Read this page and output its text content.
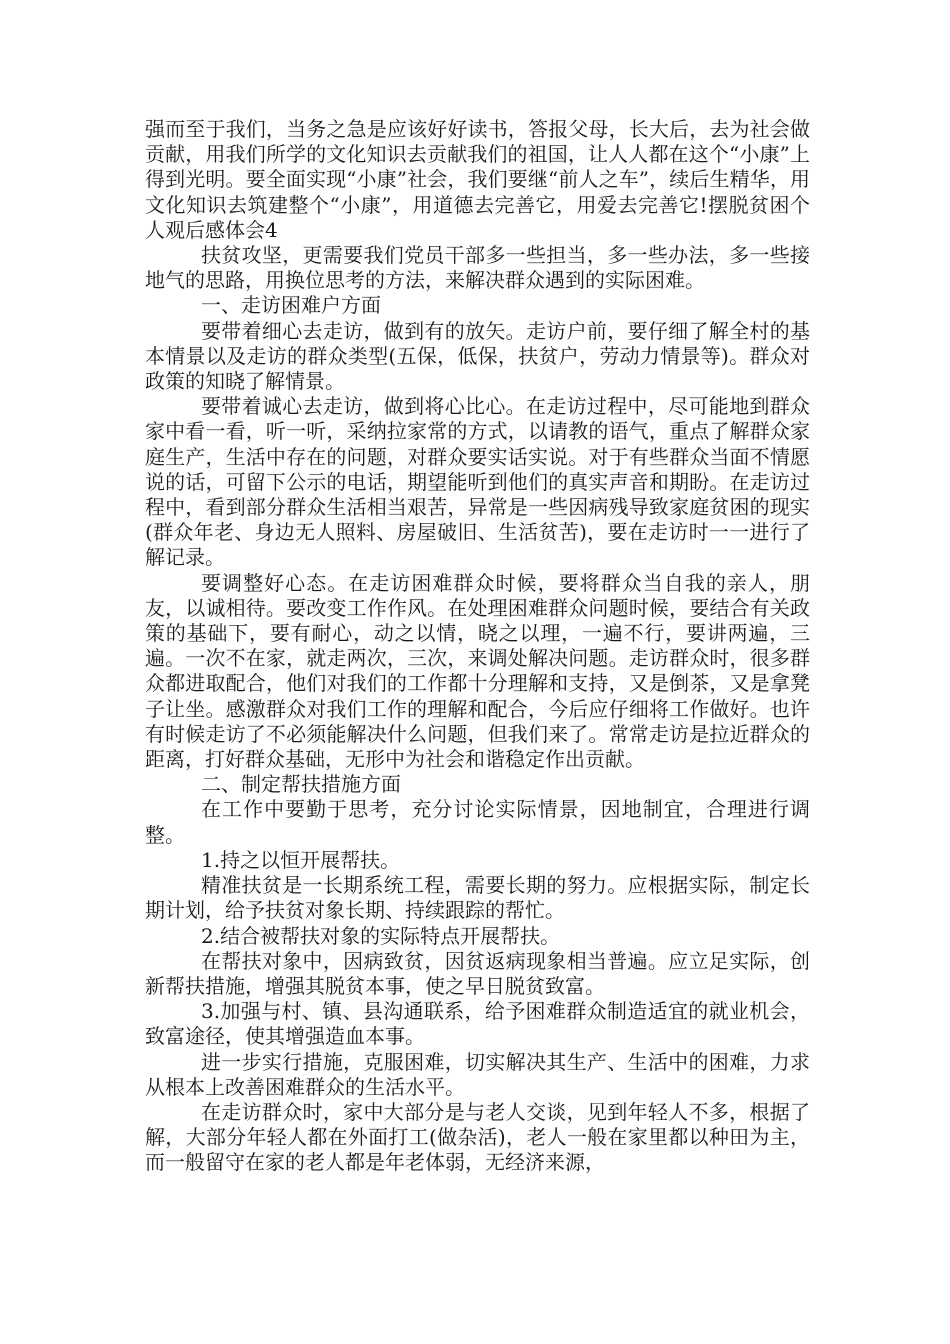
强而至于我们，当务之急是应该好好读书，答报父母，长大后，去为社会做贡献，用我们所学的文化知识去贡献我们的祖国，让人人都在这个“小康”上得到光明。要全面实现“小康”社会，我们要继“前人之车”，续后生精华，用文化知识去筑建整个“小康”，用道德去完善它，用爱去完善它!摆脱贫困个人观后感体会4

扶贫攻坚，更需要我们党员干部多一些担当，多一些办法，多一些接地气的思路，用换位思考的方法，来解决群众遇到的实际困难。

一、走访困难户方面

要带着细心去走访，做到有的放矢。走访户前，要仔细了解全村的基本情景以及走访的群众类型(五保，低保，扶贫户，劳动力情景等)。群众对政策的知晓了解情景。

要带着诚心去走访，做到将心比心。在走访过程中，尽可能地到群众家中看一看，听一听，采纳拉家常的方式，以请教的语气，重点了解群众家庭生产，生活中存在的问题，对群众要实话实说。对于有些群众当面不情愿说的话，可留下公示的电话，期望能听到他们的真实声音和期盼。在走访过程中，看到部分群众生活相当艰苦，异常是一些因病残导致家庭贫困的现实(群众年老、身边无人照料、房屋破旧、生活贫苦)，要在走访时一一进行了解记录。

要调整好心态。在走访困难群众时候，要将群众当自我的亲人，朋友，以诚相待。要改变工作作风。在处理困难群众问题时候，要结合有关政策的基础下，要有耐心，动之以情，晓之以理，一遍不行，要讲两遍，三遍。一次不在家，就走两次，三次，来调处解决问题。走访群众时，很多群众都进取配合，他们对我们的工作都十分理解和支持，又是倒茶，又是拿凳子让坐。感激群众对我们工作的理解和配合，今后应仔细将工作做好。也许有时候走访了不必须能解决什么问题，但我们来了。常常走访是拉近群众的距离，打好群众基础，无形中为社会和谐稳定作出贡献。

二、制定帮扶措施方面

在工作中要勤于思考，充分讨论实际情景，因地制宜，合理进行调整。

1.持之以恒开展帮扶。

精准扶贫是一长期系统工程，需要长期的努力。应根据实际，制定长期计划，给予扶贫对象长期、持续跟踪的帮忙。

2.结合被帮扶对象的实际特点开展帮扶。

在帮扶对象中，因病致贫，因贫返病现象相当普遍。应立足实际，创新帮扶措施，增强其脱贫本事，使之早日脱贫致富。

3.加强与村、镇、县沟通联系，给予困难群众制造适宜的就业机会，致富途径，使其增强造血本事。

进一步实行措施，克服困难，切实解决其生产、生活中的困难，力求从根本上改善困难群众的生活水平。

在走访群众时，家中大部分是与老人交谈，见到年轻人不多，根据了解，大部分年轻人都在外面打工(做杂活)，老人一般在家里都以种田为主，而一般留守在家的老人都是年老体弱，无经济来源，
